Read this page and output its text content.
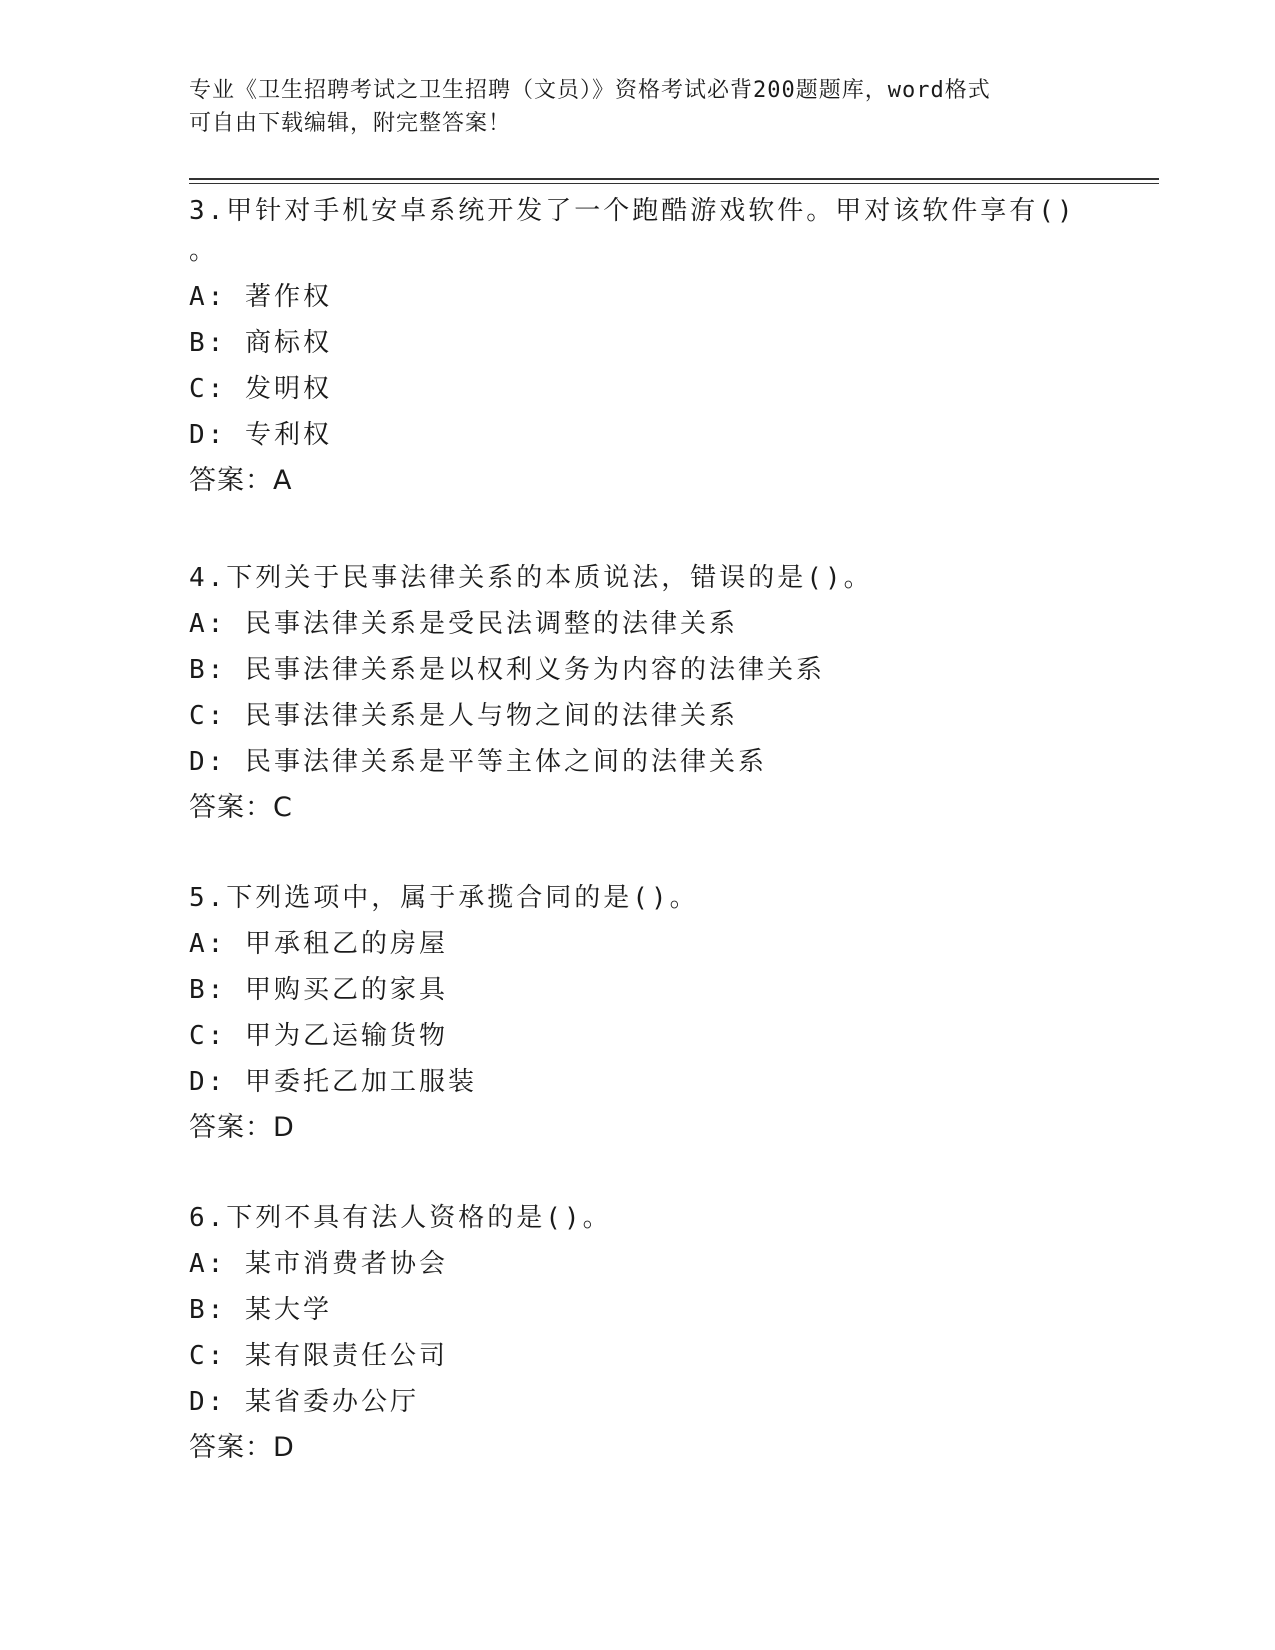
专业《卫生招聘考试之卫生招聘（文员）》资格考试必背200题题库，word格式
可自由下载编辑，附完整答案！
3.甲针对手机安卓系统开发了一个跑酷游戏软件。甲对该软件享有()
。
A: 著作权
B: 商标权
C: 发明权
D: 专利权
答案：A
4.下列关于民事法律关系的本质说法，错误的是()。
A: 民事法律关系是受民法调整的法律关系
B: 民事法律关系是以权利义务为内容的法律关系
C: 民事法律关系是人与物之间的法律关系
D: 民事法律关系是平等主体之间的法律关系
答案：C
5.下列选项中，属于承揽合同的是()。
A: 甲承租乙的房屋
B: 甲购买乙的家具
C: 甲为乙运输货物
D: 甲委托乙加工服装
答案：D
6.下列不具有法人资格的是()。
A: 某市消费者协会
B: 某大学
C: 某有限责任公司
D: 某省委办公厅
答案：D
